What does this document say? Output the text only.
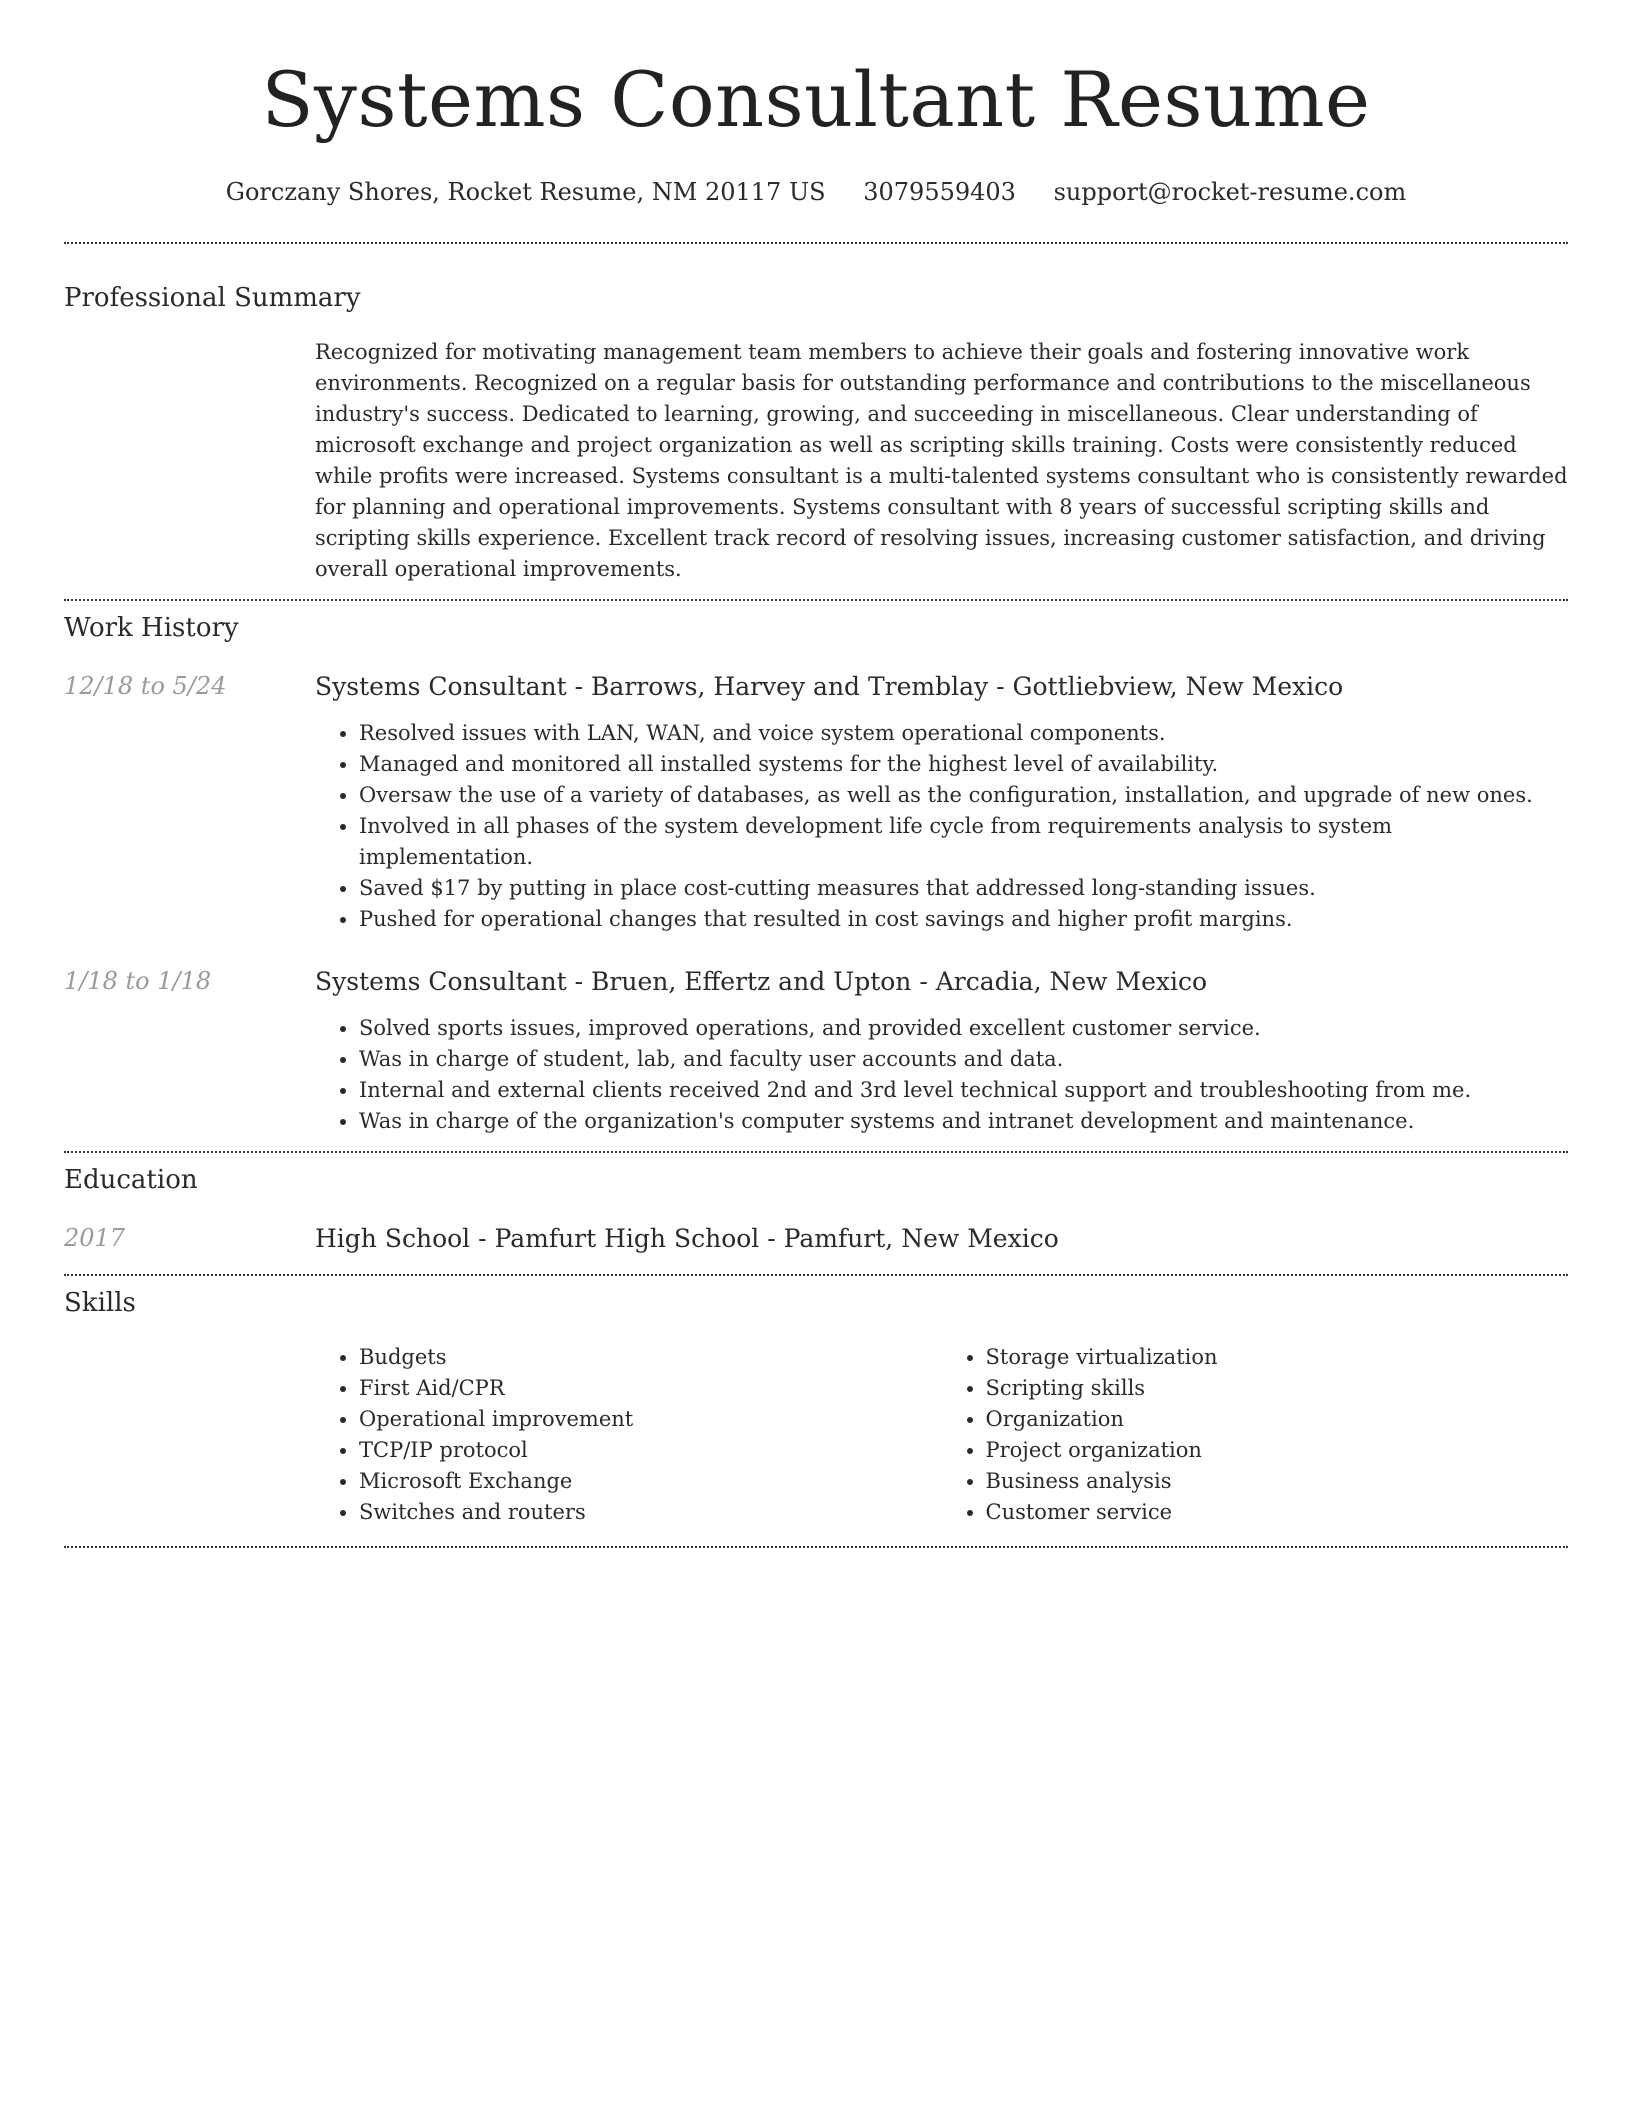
Systems Consultant Resume
Gorczany Shores, Rocket Resume, NM 20117 US 3079559403 support@rocket-resume.com
Professional Summary

Recognized for motivating management team members to achieve their goals and fostering innovative work environments. Recognized on a regular basis for outstanding performance and contributions to the miscellaneous industry's success. Dedicated to learning, growing, and succeeding in miscellaneous. Clear understanding of microsoft exchange and project organization as well as scripting skills training. Costs were consistently reduced while profits were increased. Systems consultant is a multi-talented systems consultant who is consistently rewarded for planning and operational improvements. Systems consultant with 8 years of successful scripting skills and scripting skills experience. Excellent track record of resolving issues, increasing customer satisfaction, and driving overall operational improvements.

Work History
12/18 to 5/24	Systems Consultant - Barrows, Harvey and Tremblay - Gottliebview, New Mexico
• Resolved issues with LAN, WAN, and voice system operational components.
• Managed and monitored all installed systems for the highest level of availability.
• Oversaw the use of a variety of databases, as well as the configuration, installation, and upgrade of new ones.
• Involved in all phases of the system development life cycle from requirements analysis to system implementation.
• Saved $17 by putting in place cost-cutting measures that addressed long-standing issues.
• Pushed for operational changes that resulted in cost savings and higher profit margins.
1/18 to 1/18	Systems Consultant - Bruen, Effertz and Upton - Arcadia, New Mexico
• Solved sports issues, improved operations, and provided excellent customer service.
• Was in charge of student, lab, and faculty user accounts and data.
• Internal and external clients received 2nd and 3rd level technical support and troubleshooting from me.
• Was in charge of the organization's computer systems and intranet development and maintenance.
Education
2017	High School - Pamfurt High School - Pamfurt, New Mexico
Skills
• Budgets
• First Aid/CPR
• Operational improvement
• TCP/IP protocol
• Microsoft Exchange
• Switches and routers
• Storage virtualization
• Scripting skills
• Organization
• Project organization
• Business analysis
• Customer service
